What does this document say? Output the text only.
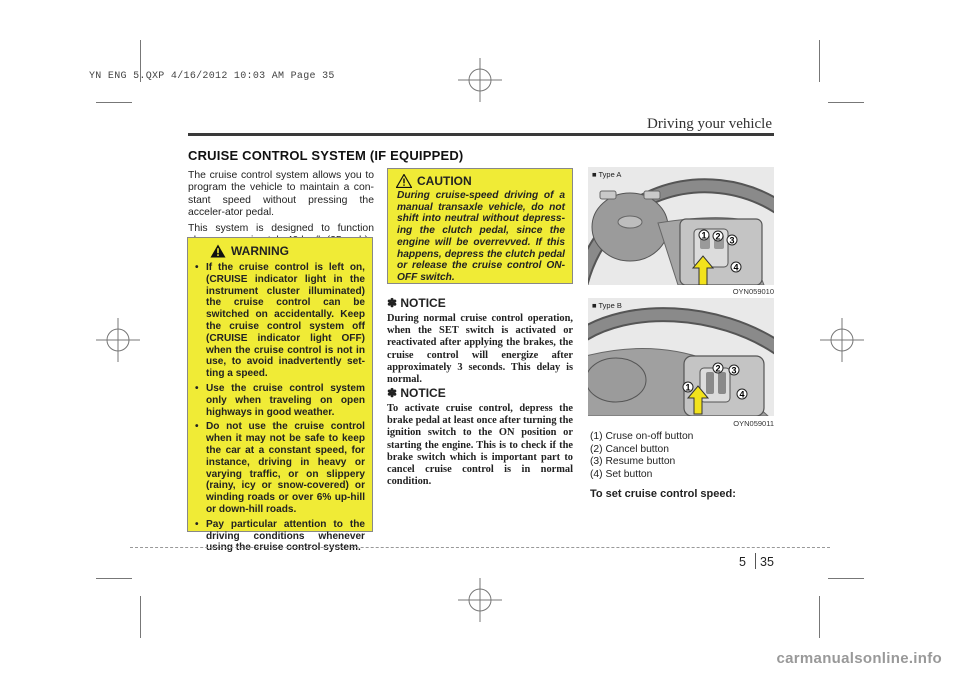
YN ENG 5.QXP 4/16/2012 10:03 AM Page 35
Driving your vehicle
CRUISE CONTROL SYSTEM (IF EQUIPPED)

The cruise control system allows you to program the vehicle to maintain a con-stant speed without pressing the acceler-ator pedal.

This system is designed to function

WARNING
• If the cruise control is left on, (CRUISE indicator light in the instrument cluster illuminated) the cruise control can be switched on accidentally. Keep the cruise control system off (CRUISE indicator light OFF) when the cruise control is not in use, to avoid inadvertently set-ting a speed.
• Use the cruise control system only when traveling on open highways in good weather.
• Do not use the cruise control when it may not be safe to keep the car at a constant speed, for instance, driving in heavy or varying traffic, or on slippery (rainy, icy or snow-covered) or winding roads or over 6% up-hill or down-hill roads.
• Pay particular attention to the driving conditions whenever using the cruise control system.
CAUTION
During cruise-speed driving of a manual transaxle vehicle, do not shift into neutral without depress-ing the clutch pedal, since the engine will be overrevved. If this happens, depress the clutch pedal or release the cruise control ON-OFF switch.
✽ NOTICE
During normal cruise control operation, when the SET switch is activated or reactivated after applying the brakes, the cruise control will energize after approximately 3 seconds. This delay is normal.
✽ NOTICE
To activate cruise control, depress the brake pedal at least once after turning the ignition switch to the ON position or starting the engine. This is to check if the brake switch which is important part to cancel cruise control is in normal condition.
■ Type A
1 2 3
4
OYN059010
■ Type B
1
2 3
4
OYN059011
(1) Cruse on-off button
(2) Cancel button
(3) Resume button
(4) Set button
To set cruise control speed:
5 35
carmanualsonline.info
